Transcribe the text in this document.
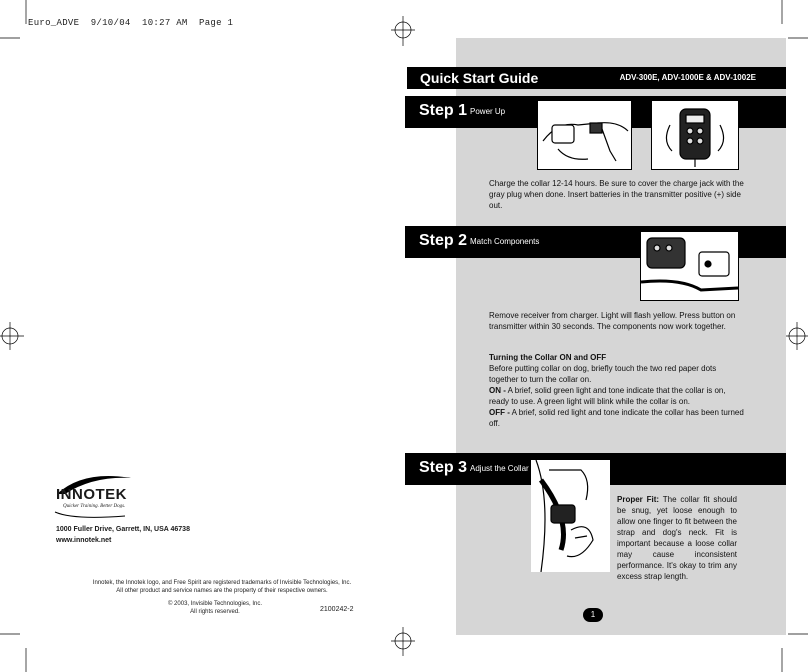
Euro_ADVE  9/10/04  10:27 AM  Page 1
Quick Start Guide	ADV-300E, ADV-1000E & ADV-1002E
Step 1 Power Up
Charge the collar 12-14 hours. Be sure to cover the charge jack with the gray plug when done. Insert batteries in the transmitter positive (+) side out.
Step 2 Match Components
Remove receiver from charger. Light will flash yellow. Press button on transmitter within 30 seconds. The components now work together.
Turning the Collar ON and OFF
Before putting collar on dog, briefly touch the two red paper dots together to turn the collar on.
ON - A brief, solid green light and tone indicate that the collar is on, ready to use. A green light will blink while the collar is on.
OFF - A brief, solid red light and tone indicate the collar has been turned off.
Step 3 Adjust the Collar
Proper Fit: The collar fit should be snug, yet loose enough to allow one finger to fit between the strap and dog's neck. Fit is important because a loose collar may cause inconsistent performance. It's okay to trim any excess strap length.
1
INNOTEK
Quicker Training. Better Dogs.
1000 Fuller Drive, Garrett, IN, USA 46738
www.innotek.net
Innotek, the Innotek logo, and Free Spirit are registered trademarks of Invisible Technologies, Inc.
All other product and service names are the property of their respective owners.
© 2003, Invisible Technologies, Inc.
All rights reserved.	2100242-2
